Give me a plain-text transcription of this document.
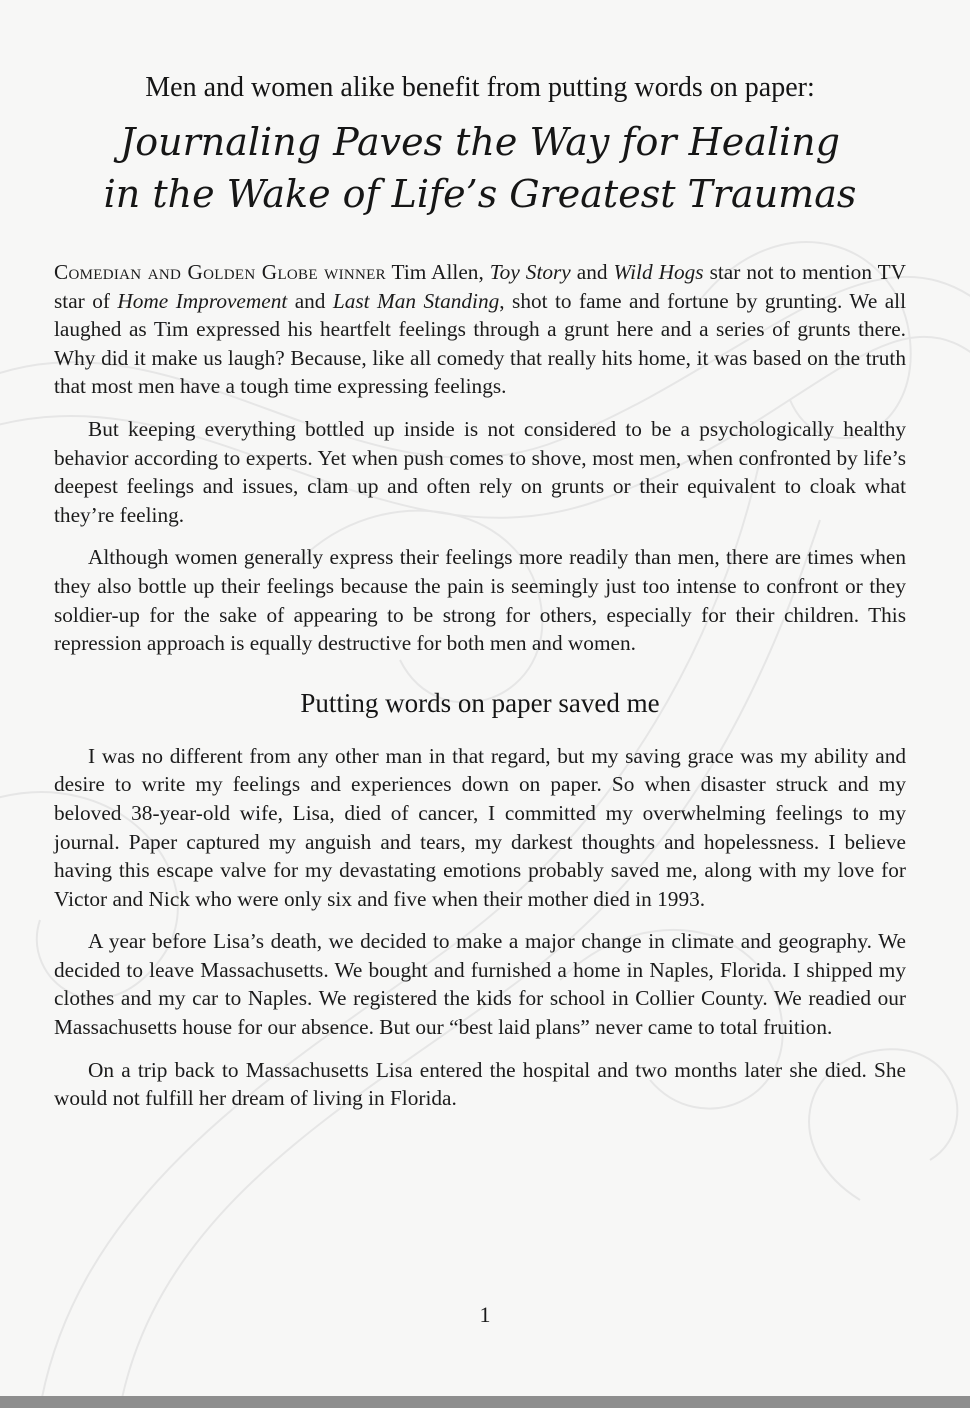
Men and women alike benefit from putting words on paper:
Journaling Paves the Way for Healing
in the Wake of Life’s Greatest Traumas

Comedian and Golden Globe winner Tim Allen, Toy Story and Wild Hogs star not to mention TV star of Home Improvement and Last Man Standing, shot to fame and fortune by grunting. We all laughed as Tim expressed his heartfelt feelings through a grunt here and a series of grunts there. Why did it make us laugh? Because, like all comedy that really hits home, it was based on the truth that most men have a tough time expressing feelings.

But keeping everything bottled up inside is not considered to be a psychologically healthy behavior according to experts. Yet when push comes to shove, most men, when confronted by life’s deepest feelings and issues, clam up and often rely on grunts or their equivalent to cloak what they’re feeling.

Although women generally express their feelings more readily than men, there are times when they also bottle up their feelings because the pain is seemingly just too intense to confront or they soldier-up for the sake of appearing to be strong for others, especially for their children. This repression approach is equally destructive for both men and women.

Putting words on paper saved me

I was no different from any other man in that regard, but my saving grace was my ability and desire to write my feelings and experiences down on paper. So when disaster struck and my beloved 38-year-old wife, Lisa, died of cancer, I committed my overwhelming feelings to my journal. Paper captured my anguish and tears, my darkest thoughts and hopelessness. I believe having this escape valve for my devastating emotions probably saved me, along with my love for Victor and Nick who were only six and five when their mother died in 1993.

A year before Lisa’s death, we decided to make a major change in climate and geography. We decided to leave Massachusetts. We bought and furnished a home in Naples, Florida. I shipped my clothes and my car to Naples. We registered the kids for school in Collier County. We readied our Massachusetts house for our absence. But our “best laid plans” never came to total fruition.

On a trip back to Massachusetts Lisa entered the hospital and two months later she died. She would not fulfill her dream of living in Florida.

1
